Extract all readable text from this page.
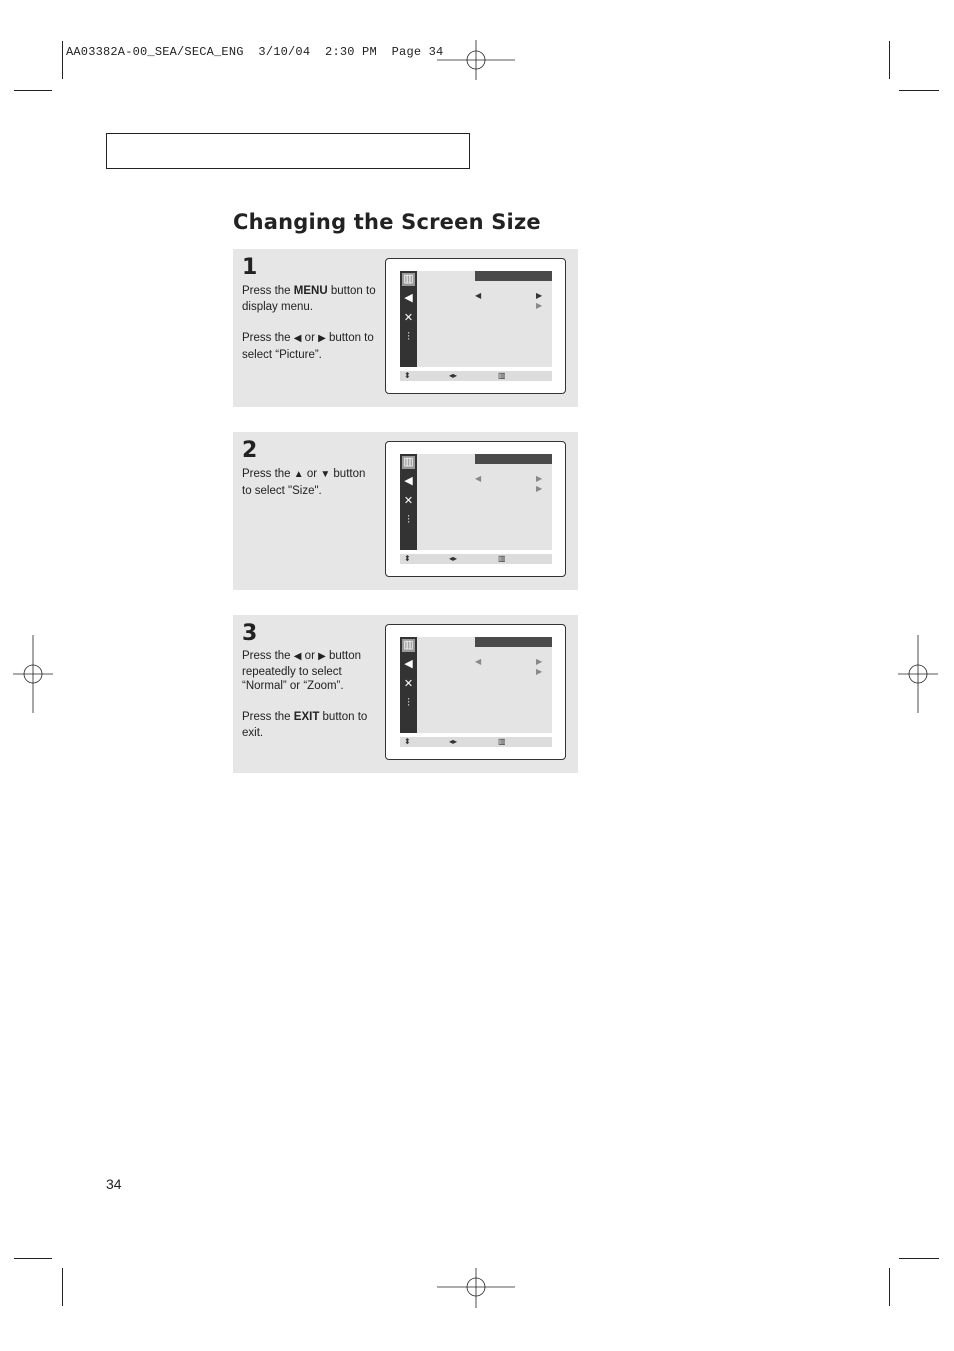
AA03382A-00_SEA/SECA_ENG  3/10/04  2:30 PM  Page 34
Changing the Screen Size
1

Press the MENU button to display menu.

Press the ◀ or ▶ button to select “Picture”.

▥
◀︎
✕
⫶
◀	▶
▶
⬍	◂▸	▥
2

Press the ▲ or ▼ button to select "Size".

▥
◀︎
✕
⫶
◀	▶
▶
⬍	◂▸	▥
3

Press the ◀ or ▶ button repeatedly to select “Normal” or “Zoom”.

Press the EXIT button to exit.

▥
◀︎
✕
⫶
◀	▶
▶
⬍	◂▸	▥
34
